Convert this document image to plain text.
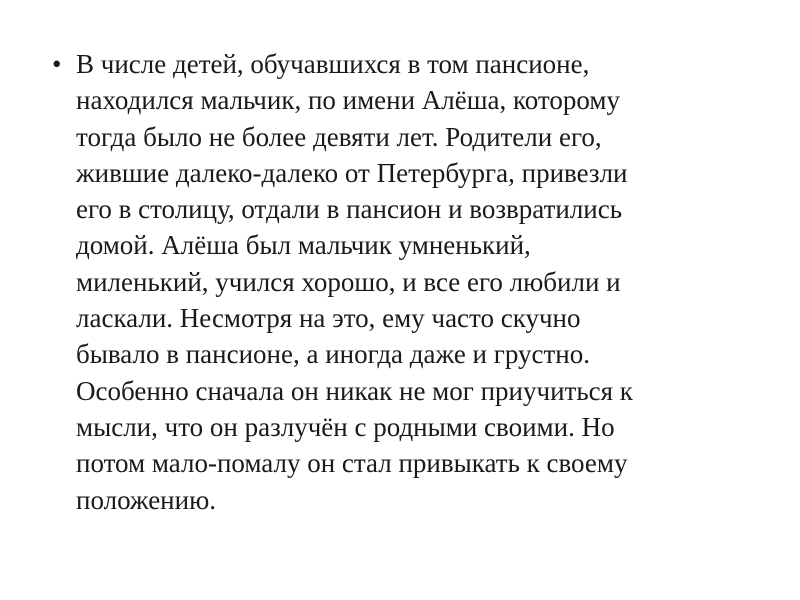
• В числе детей, обучавшихся в том пансионе,
находился мальчик, по имени Алёша, которому
тогда было не более девяти лет. Родители его,
жившие далеко-далеко от Петербурга, привезли
его в столицу, отдали в пансион и возвратились
домой. Алёша был мальчик умненький,
миленький, учился хорошо, и все его любили и
ласкали. Несмотря на это, ему часто скучно
бывало в пансионе, а иногда даже и грустно.
Особенно сначала он никак не мог приучиться к
мысли, что он разлучён с родными своими. Но
потом мало-помалу он стал привыкать к своему
положению.
